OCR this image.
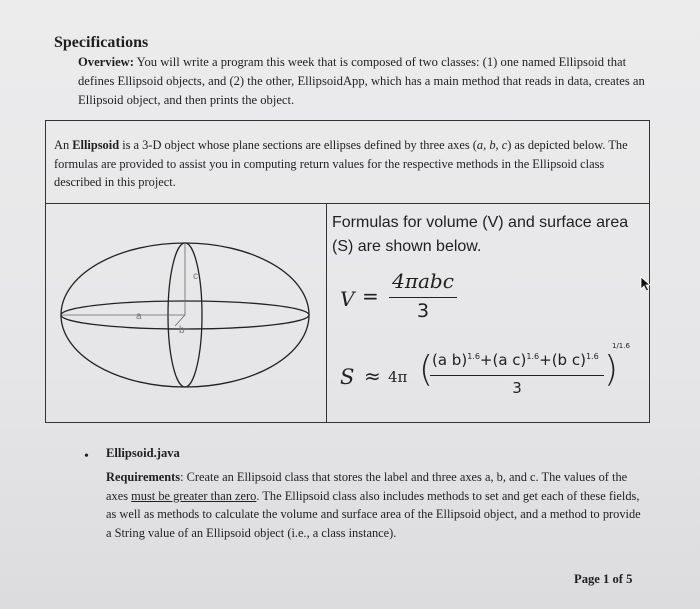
Specifications
Overview: You will write a program this week that is composed of two classes: (1) one named Ellipsoid that defines Ellipsoid objects, and (2) the other, EllipsoidApp, which has a main method that reads in data, creates an Ellipsoid object, and then prints the object.
An Ellipsoid is a 3-D object whose plane sections are ellipses defined by three axes (a, b, c) as depicted below. The formulas are provided to assist you in computing return values for the respective methods in the Ellipsoid class described in this project.
c
a
b
Formulas for volume (V) and surface area (S) are shown below.
V =
4πabc
3
S ≈ 4π (
(a b)$^{1.6}$+(a c)$^{1.6}$+(b c)$^{1.6}$
3	)
1/1.6
• Ellipsoid.java
Requirements: Create an Ellipsoid class that stores the label and three axes a, b, and c. The values of the axes must be greater than zero. The Ellipsoid class also includes methods to set and get each of these fields, as well as methods to calculate the volume and surface area of the Ellipsoid object, and a method to provide a String value of an Ellipsoid object (i.e., a class instance).
Page 1 of 5
